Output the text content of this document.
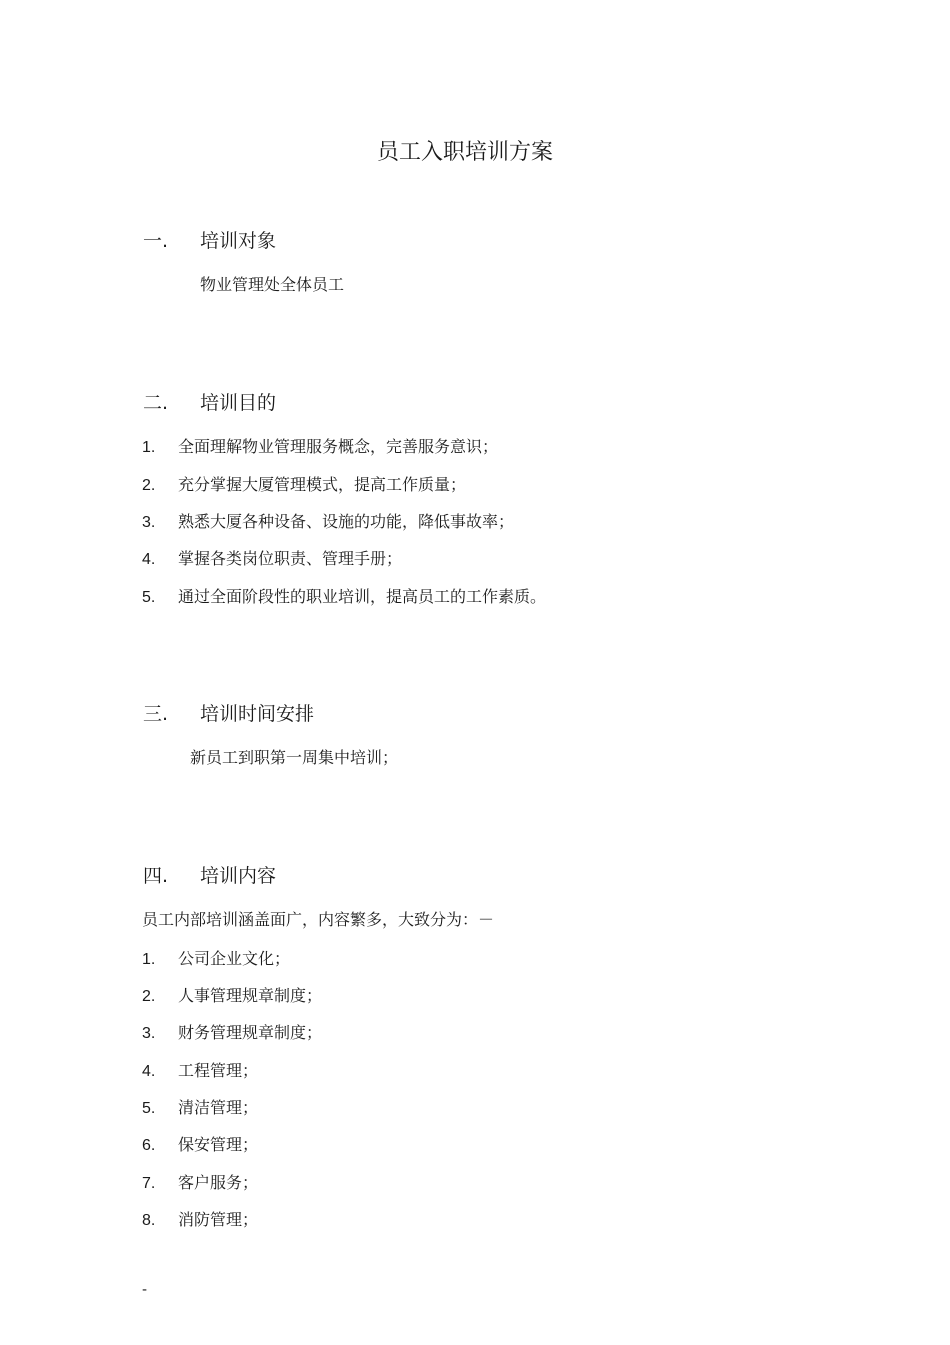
员工入职培训方案
一. 培训对象
物业管理处全体员工
二. 培训目的
1. 全面理解物业管理服务概念，完善服务意识；
2. 充分掌握大厦管理模式，提高工作质量；
3. 熟悉大厦各种设备、设施的功能，降低事故率；
4. 掌握各类岗位职责、管理手册；
5. 通过全面阶段性的职业培训，提高员工的工作素质。
三. 培训时间安排
新员工到职第一周集中培训；
四. 培训内容
员工内部培训涵盖面广，内容繁多，大致分为：－
1. 公司企业文化；
2. 人事管理规章制度；
3. 财务管理规章制度；
4. 工程管理；
5. 清洁管理；
6. 保安管理；
7. 客户服务；
8. 消防管理；
-
